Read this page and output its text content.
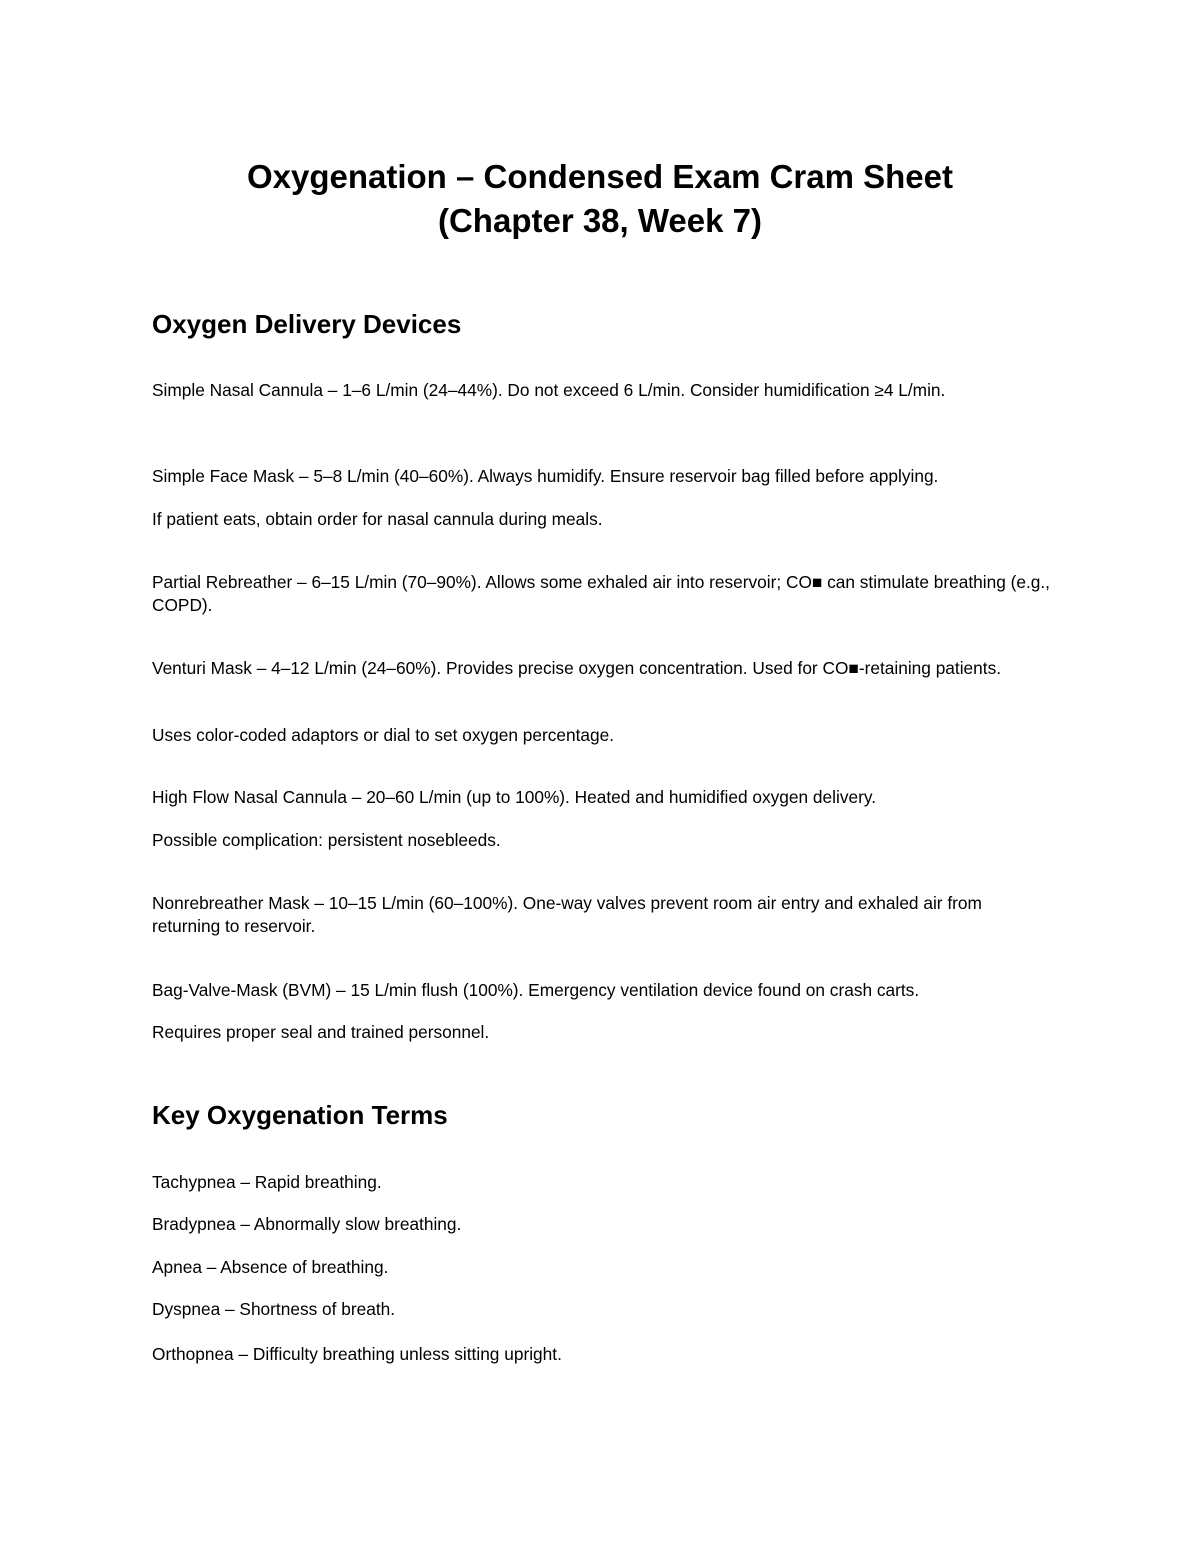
Oxygenation – Condensed Exam Cram Sheet
(Chapter 38, Week 7)
Oxygen Delivery Devices

Simple Nasal Cannula – 1–6 L/min (24–44%). Do not exceed 6 L/min. Consider humidification ≥4 L/min.

Simple Face Mask – 5–8 L/min (40–60%). Always humidify. Ensure reservoir bag filled before applying.

If patient eats, obtain order for nasal cannula during meals.

Partial Rebreather – 6–15 L/min (70–90%). Allows some exhaled air into reservoir; CO■ can stimulate breathing (e.g., COPD).

Venturi Mask – 4–12 L/min (24–60%). Provides precise oxygen concentration. Used for CO■-retaining patients.

Uses color-coded adaptors or dial to set oxygen percentage.

High Flow Nasal Cannula – 20–60 L/min (up to 100%). Heated and humidified oxygen delivery.

Possible complication: persistent nosebleeds.

Nonrebreather Mask – 10–15 L/min (60–100%). One-way valves prevent room air entry and exhaled air from returning to reservoir.

Bag-Valve-Mask (BVM) – 15 L/min flush (100%). Emergency ventilation device found on crash carts.

Requires proper seal and trained personnel.

Key Oxygenation Terms

Tachypnea – Rapid breathing.

Bradypnea – Abnormally slow breathing.

Apnea – Absence of breathing.

Dyspnea – Shortness of breath.

Orthopnea – Difficulty breathing unless sitting upright.
